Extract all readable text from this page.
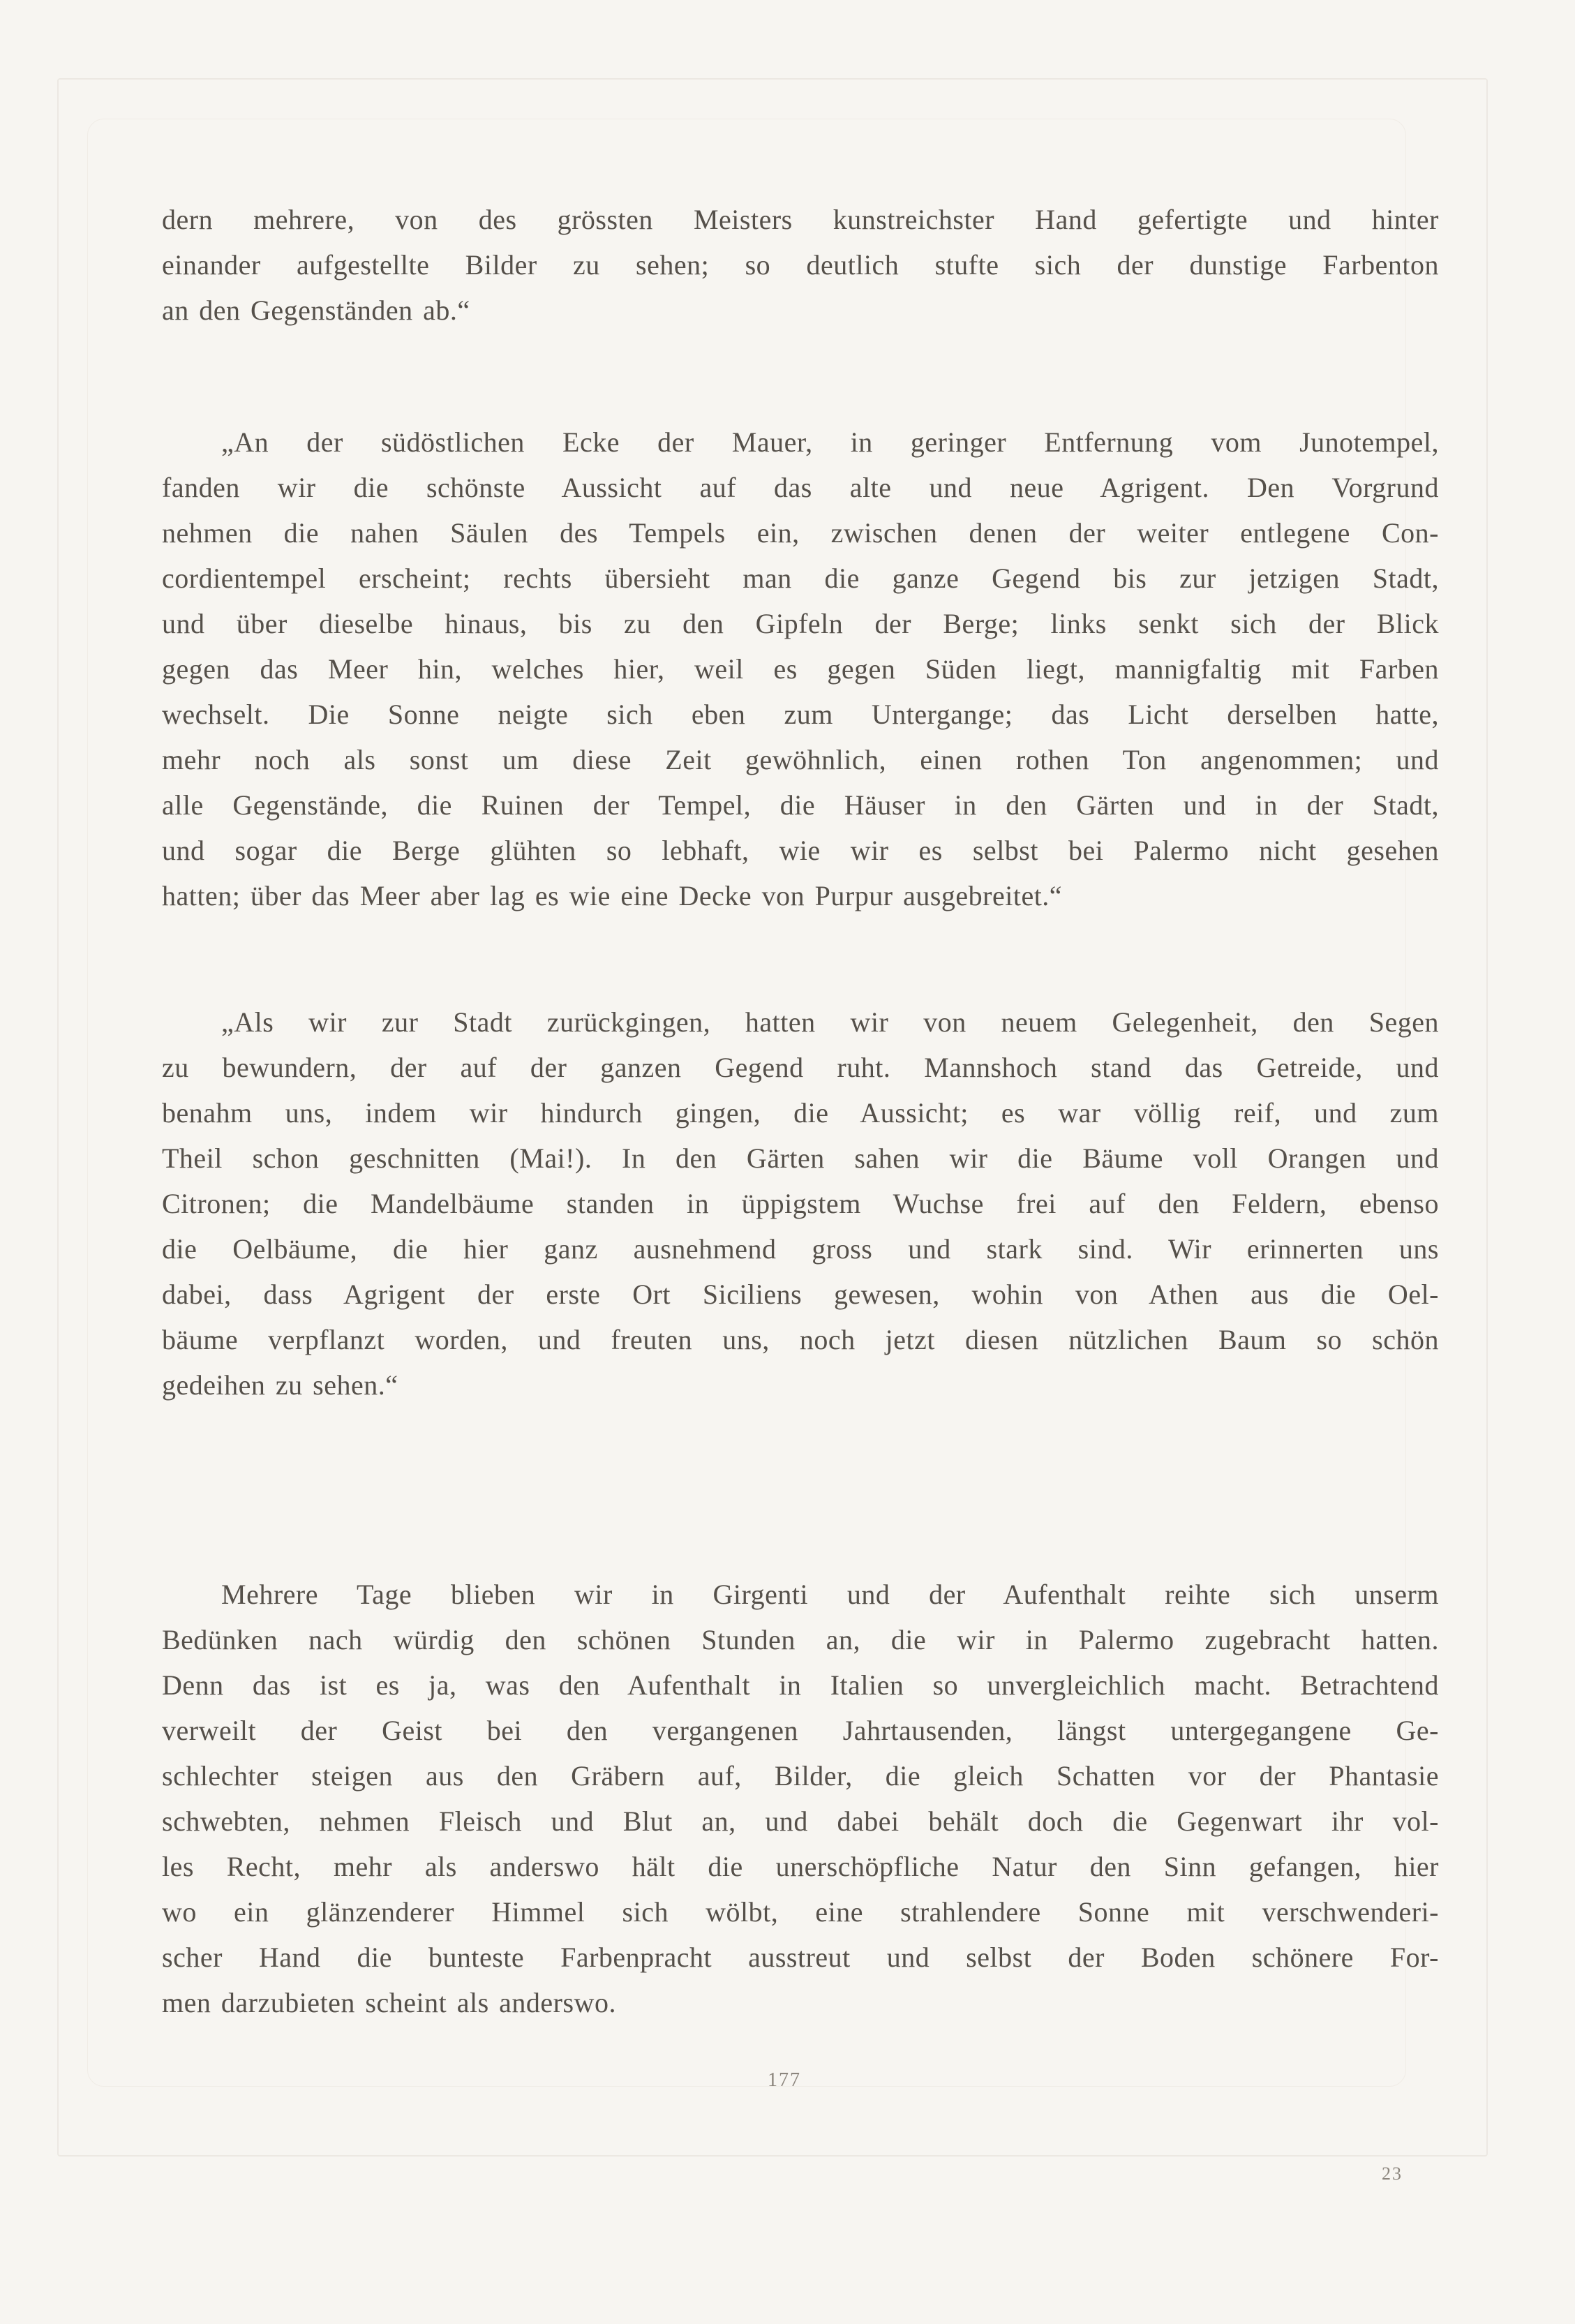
dern mehrere, von des grössten Meisters kunstreichster Hand gefertigte und hinter
einander aufgestellte Bilder zu sehen; so deutlich stufte sich der dunstige Farbenton
an den Gegenständen ab.“

„An der südöstlichen Ecke der Mauer, in geringer Entfernung vom Junotempel,
fanden wir die schönste Aussicht auf das alte und neue Agrigent. Den Vorgrund
nehmen die nahen Säulen des Tempels ein, zwischen denen der weiter entlegene Con-
cordientempel erscheint; rechts übersieht man die ganze Gegend bis zur jetzigen Stadt,
und über dieselbe hinaus, bis zu den Gipfeln der Berge; links senkt sich der Blick
gegen das Meer hin, welches hier, weil es gegen Süden liegt, mannigfaltig mit Farben
wechselt. Die Sonne neigte sich eben zum Untergange; das Licht derselben hatte,
mehr noch als sonst um diese Zeit gewöhnlich, einen rothen Ton angenommen; und
alle Gegenstände, die Ruinen der Tempel, die Häuser in den Gärten und in der Stadt,
und sogar die Berge glühten so lebhaft, wie wir es selbst bei Palermo nicht gesehen
hatten; über das Meer aber lag es wie eine Decke von Purpur ausgebreitet.“

„Als wir zur Stadt zurückgingen, hatten wir von neuem Gelegenheit, den Segen
zu bewundern, der auf der ganzen Gegend ruht. Mannshoch stand das Getreide, und
benahm uns, indem wir hindurch gingen, die Aussicht; es war völlig reif, und zum
Theil schon geschnitten (Mai!). In den Gärten sahen wir die Bäume voll Orangen und
Citronen; die Mandelbäume standen in üppigstem Wuchse frei auf den Feldern, ebenso
die Oelbäume, die hier ganz ausnehmend gross und stark sind. Wir erinnerten uns
dabei, dass Agrigent der erste Ort Siciliens gewesen, wohin von Athen aus die Oel-
bäume verpflanzt worden, und freuten uns, noch jetzt diesen nützlichen Baum so schön
gedeihen zu sehen.“

Mehrere Tage blieben wir in Girgenti und der Aufenthalt reihte sich unserm
Bedünken nach würdig den schönen Stunden an, die wir in Palermo zugebracht hatten.
Denn das ist es ja, was den Aufenthalt in Italien so unvergleichlich macht. Betrachtend
verweilt der Geist bei den vergangenen Jahrtausenden, längst untergegangene Ge-
schlechter steigen aus den Gräbern auf, Bilder, die gleich Schatten vor der Phantasie
schwebten, nehmen Fleisch und Blut an, und dabei behält doch die Gegenwart ihr vol-
les Recht, mehr als anderswo hält die unerschöpfliche Natur den Sinn gefangen, hier
wo ein glänzenderer Himmel sich wölbt, eine strahlendere Sonne mit verschwenderi-
scher Hand die bunteste Farbenpracht ausstreut und selbst der Boden schönere For-
men darzubieten scheint als anderswo.

177
23
